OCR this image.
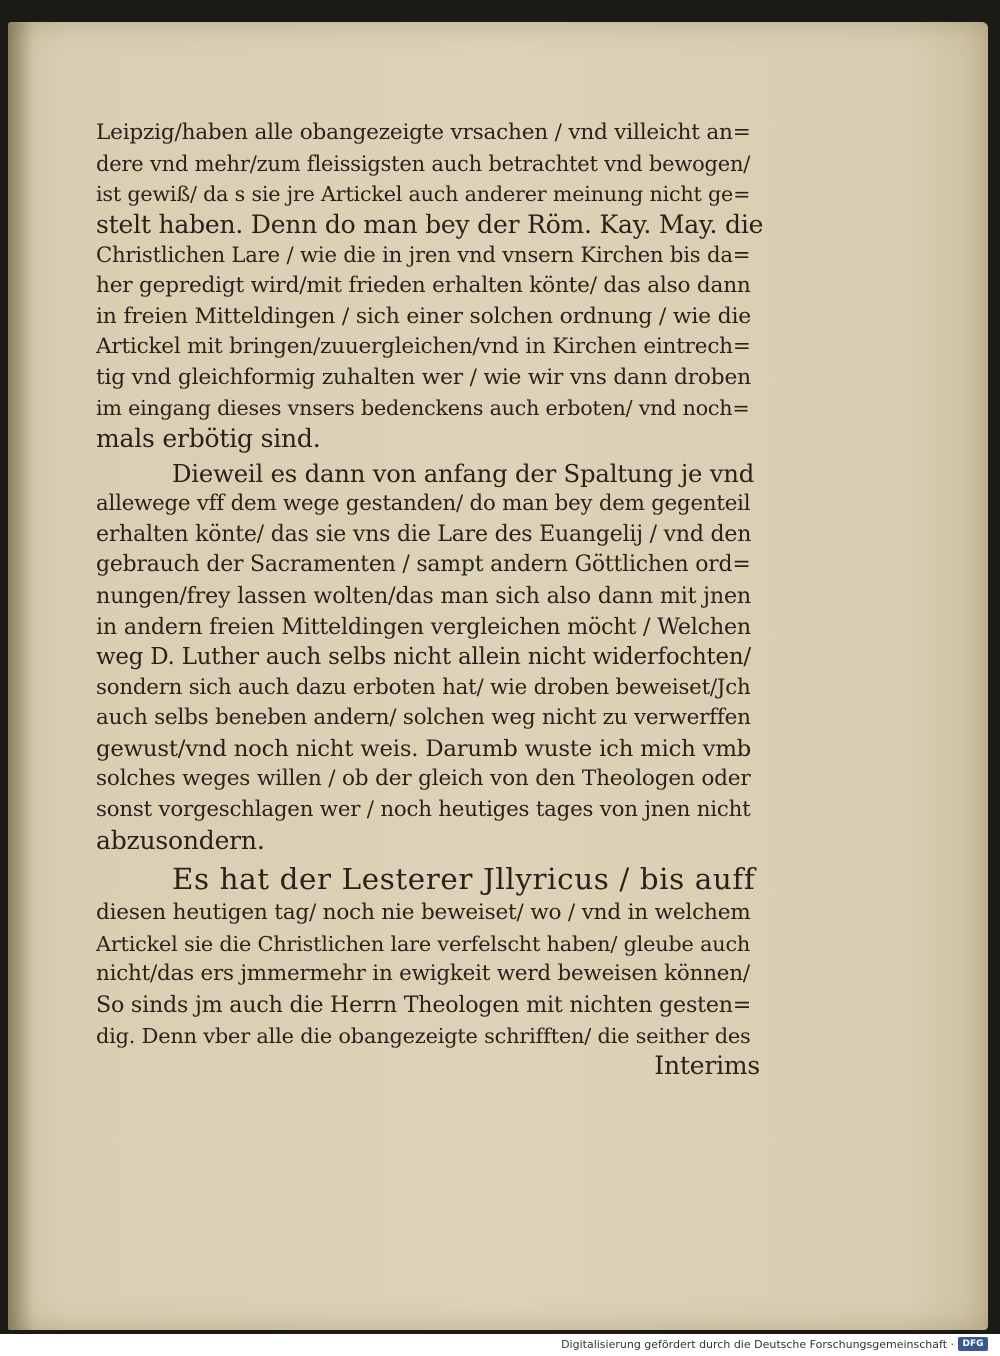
Leipzig/haben alle obangezeigte vrsachen / vnd villeicht an=
dere vnd mehr/zum fleissigsten auch betrachtet vnd bewogen/
ist gewiß/ da s sie jre Artickel auch anderer meinung nicht ge=
stelt haben. Denn do man bey der Röm. Kay. May. die
Christlichen Lare / wie die in jren vnd vnsern Kirchen bis da=
her gepredigt wird/mit frieden erhalten könte/ das also dann
in freien Mitteldingen / sich einer solchen ordnung / wie die
Artickel mit bringen/zuuergleichen/vnd in Kirchen eintrech=
tig vnd gleichformig zuhalten wer / wie wir vns dann droben
im eingang dieses vnsers bedenckens auch erboten/ vnd noch=
mals erbötig sind.
Dieweil es dann von anfang der Spaltung je vnd
allewege vff dem wege gestanden/ do man bey dem gegenteil
erhalten könte/ das sie vns die Lare des Euangelij / vnd den
gebrauch der Sacramenten / sampt andern Göttlichen ord=
nungen/frey lassen wolten/das man sich also dann mit jnen
in andern freien Mitteldingen vergleichen möcht / Welchen
weg D. Luther auch selbs nicht allein nicht widerfochten/
sondern sich auch dazu erboten hat/ wie droben beweiset/Jch
auch selbs beneben andern/ solchen weg nicht zu verwerffen
gewust/vnd noch nicht weis. Darumb wuste ich mich vmb
solches weges willen / ob der gleich von den Theologen oder
sonst vorgeschlagen wer / noch heutiges tages von jnen nicht
abzusondern.
Es hat der Lesterer Jllyricus / bis auff
diesen heutigen tag/ noch nie beweiset/ wo / vnd in welchem
Artickel sie die Christlichen lare verfelscht haben/ gleube auch
nicht/das ers jmmermehr in ewigkeit werd beweisen können/
So sinds jm auch die Herrn Theologen mit nichten gesten=
dig. Denn vber alle die obangezeigte schrifften/ die seither des
Interims
Digitalisierung gefördert durch die Deutsche Forschungsgemeinschaft · DFG
